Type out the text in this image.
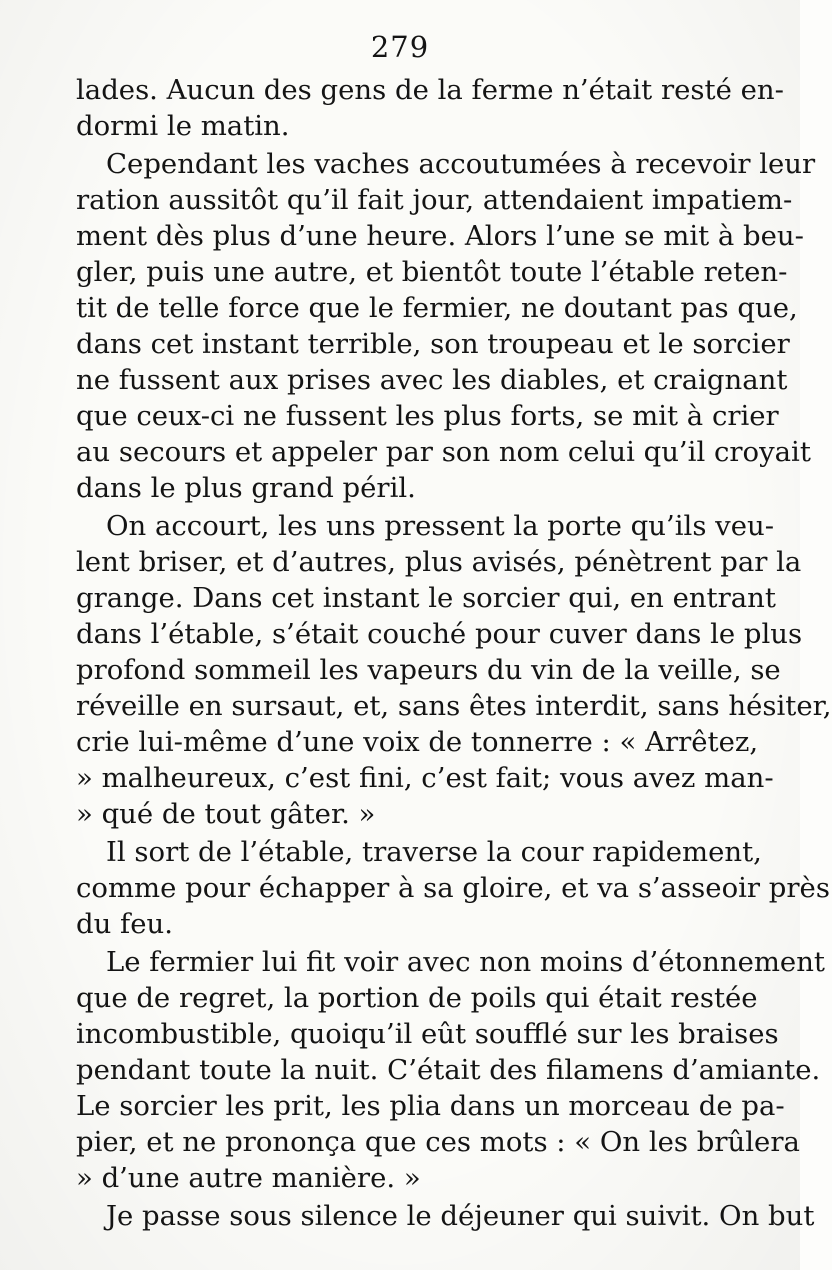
279
lades. Aucun des gens de la ferme n’était resté en-
dormi le matin.
Cependant les vaches accoutumées à recevoir leur
ration aussitôt qu’il fait jour, attendaient impatiem-
ment dès plus d’une heure. Alors l’une se mit à beu-
gler, puis une autre, et bientôt toute l’étable reten-
tit de telle force que le fermier, ne doutant pas que,
dans cet instant terrible, son troupeau et le sorcier
ne fussent aux prises avec les diables, et craignant
que ceux-ci ne fussent les plus forts, se mit à crier
au secours et appeler par son nom celui qu’il croyait
dans le plus grand péril.
On accourt, les uns pressent la porte qu’ils veu-
lent briser, et d’autres, plus avisés, pénètrent par la
grange. Dans cet instant le sorcier qui, en entrant
dans l’étable, s’était couché pour cuver dans le plus
profond sommeil les vapeurs du vin de la veille, se
réveille en sursaut, et, sans êtes interdit, sans hésiter,
crie lui-même d’une voix de tonnerre : « Arrêtez,
» malheureux, c’est fini, c’est fait; vous avez man-
» qué de tout gâter. »
Il sort de l’étable, traverse la cour rapidement,
comme pour échapper à sa gloire, et va s’asseoir près
du feu.
Le fermier lui fit voir avec non moins d’étonnement
que de regret, la portion de poils qui était restée
incombustible, quoiqu’il eût soufflé sur les braises
pendant toute la nuit. C’était des filamens d’amiante.
Le sorcier les prit, les plia dans un morceau de pa-
pier, et ne prononça que ces mots : « On les brûlera
» d’une autre manière. »
Je passe sous silence le déjeuner qui suivit. On but
